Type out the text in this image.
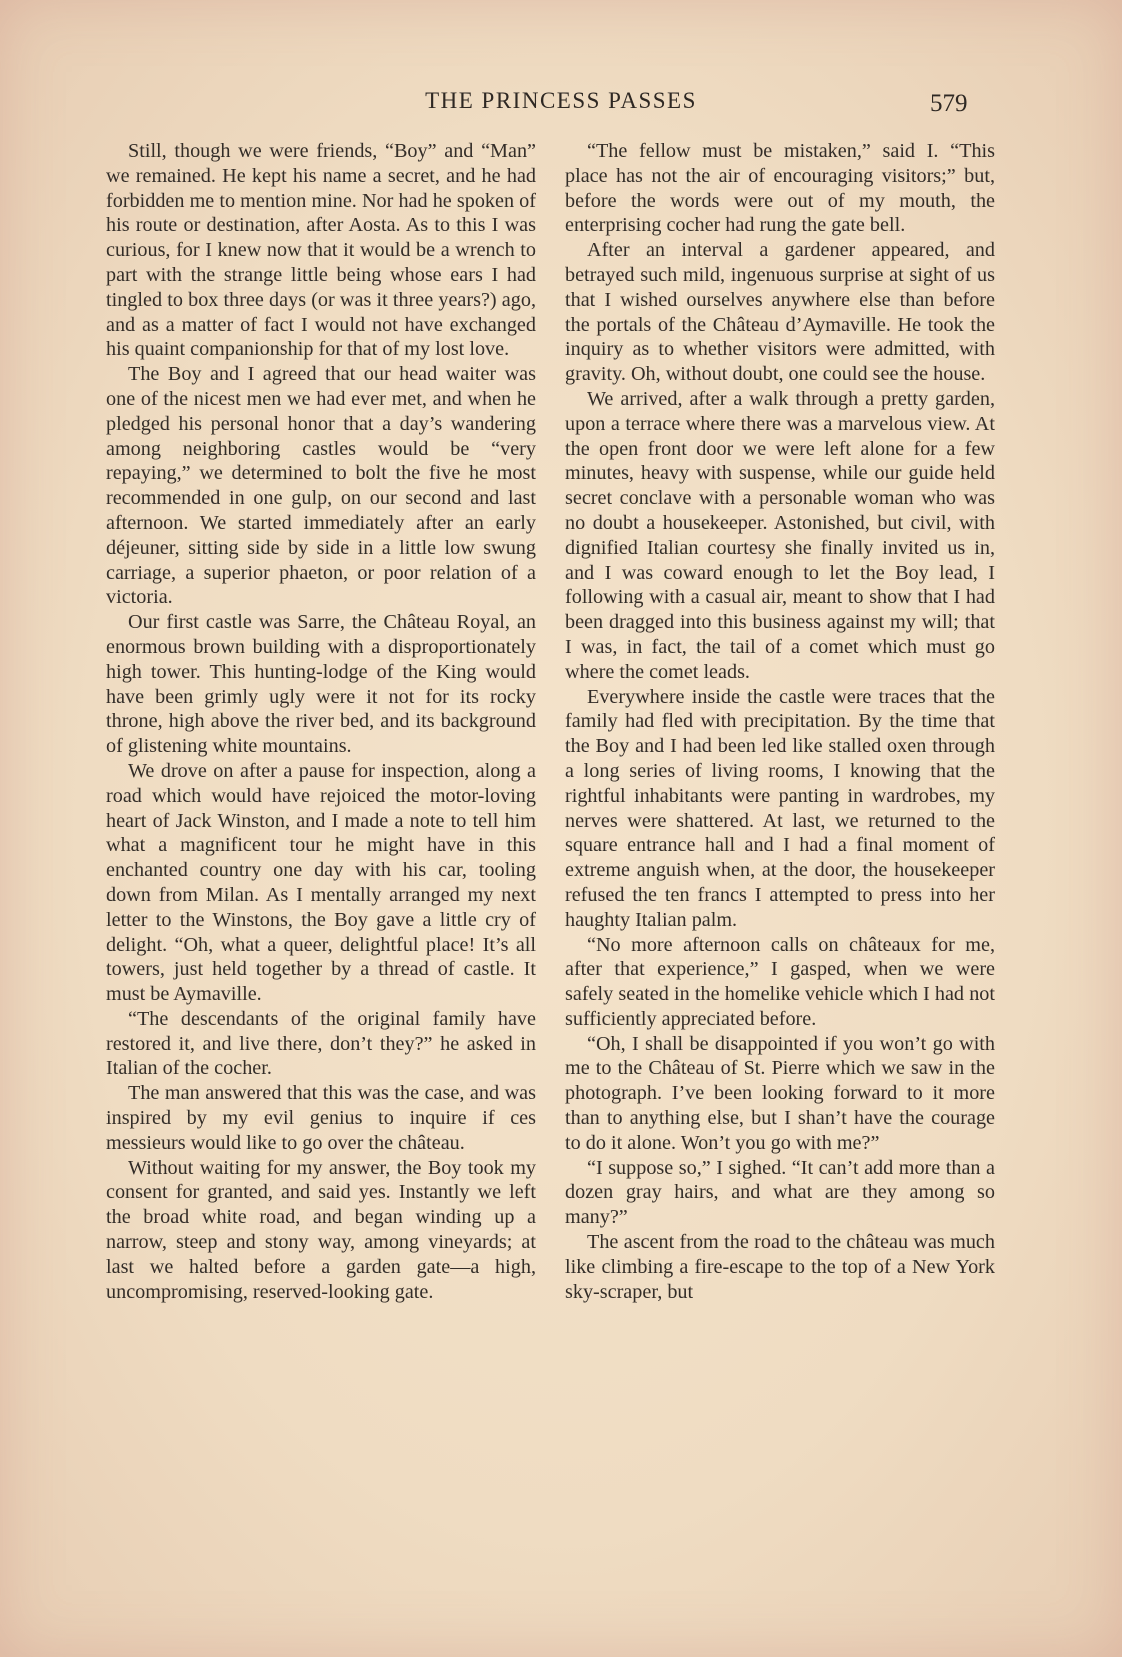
THE PRINCESS PASSES	579

Still, though we were friends, “Boy” and “Man” we remained. He kept his name a secret, and he had forbidden me to mention mine. Nor had he spoken of his route or destination, after Aosta. As to this I was curious, for I knew now that it would be a wrench to part with the strange little being whose ears I had tingled to box three days (or was it three years?) ago, and as a matter of fact I would not have exchanged his quaint companionship for that of my lost love.

The Boy and I agreed that our head waiter was one of the nicest men we had ever met, and when he pledged his personal honor that a day’s wandering among neighboring castles would be “very repaying,” we determined to bolt the five he most recommended in one gulp, on our second and last afternoon. We started immediately after an early déjeuner, sitting side by side in a little low swung carriage, a superior phaeton, or poor relation of a victoria.

Our first castle was Sarre, the Château Royal, an enormous brown building with a disproportionately high tower. This hunting-lodge of the King would have been grimly ugly were it not for its rocky throne, high above the river bed, and its background of glistening white mountains.

We drove on after a pause for inspection, along a road which would have rejoiced the motor-loving heart of Jack Winston, and I made a note to tell him what a magnificent tour he might have in this enchanted country one day with his car, tooling down from Milan. As I mentally arranged my next letter to the Winstons, the Boy gave a little cry of delight. “Oh, what a queer, delightful place! It’s all towers, just held together by a thread of castle. It must be Aymaville.

“The descendants of the original family have restored it, and live there, don’t they?” he asked in Italian of the cocher.

The man answered that this was the case, and was inspired by my evil genius to inquire if ces messieurs would like to go over the château.

Without waiting for my answer, the Boy took my consent for granted, and said yes. Instantly we left the broad white road, and began winding up a narrow, steep and stony way, among vineyards; at last we halted before a garden gate—a high, uncompromising, reserved-looking gate.

“The fellow must be mistaken,” said I. “This place has not the air of encouraging visitors;” but, before the words were out of my mouth, the enterprising cocher had rung the gate bell.

After an interval a gardener appeared, and betrayed such mild, ingenuous surprise at sight of us that I wished ourselves anywhere else than before the portals of the Château d’Aymaville. He took the inquiry as to whether visitors were admitted, with gravity. Oh, without doubt, one could see the house.

We arrived, after a walk through a pretty garden, upon a terrace where there was a marvelous view. At the open front door we were left alone for a few minutes, heavy with suspense, while our guide held secret conclave with a personable woman who was no doubt a housekeeper. Astonished, but civil, with dignified Italian courtesy she finally invited us in, and I was coward enough to let the Boy lead, I following with a casual air, meant to show that I had been dragged into this business against my will; that I was, in fact, the tail of a comet which must go where the comet leads.

Everywhere inside the castle were traces that the family had fled with precipitation. By the time that the Boy and I had been led like stalled oxen through a long series of living rooms, I knowing that the rightful inhabitants were panting in wardrobes, my nerves were shattered. At last, we returned to the square entrance hall and I had a final moment of extreme anguish when, at the door, the housekeeper refused the ten francs I attempted to press into her haughty Italian palm.

“No more afternoon calls on châteaux for me, after that experience,” I gasped, when we were safely seated in the homelike vehicle which I had not sufficiently appreciated before.

“Oh, I shall be disappointed if you won’t go with me to the Château of St. Pierre which we saw in the photograph. I’ve been looking forward to it more than to anything else, but I shan’t have the courage to do it alone. Won’t you go with me?”

“I suppose so,” I sighed. “It can’t add more than a dozen gray hairs, and what are they among so many?”

The ascent from the road to the château was much like climbing a fire-escape to the top of a New York sky-scraper, but
